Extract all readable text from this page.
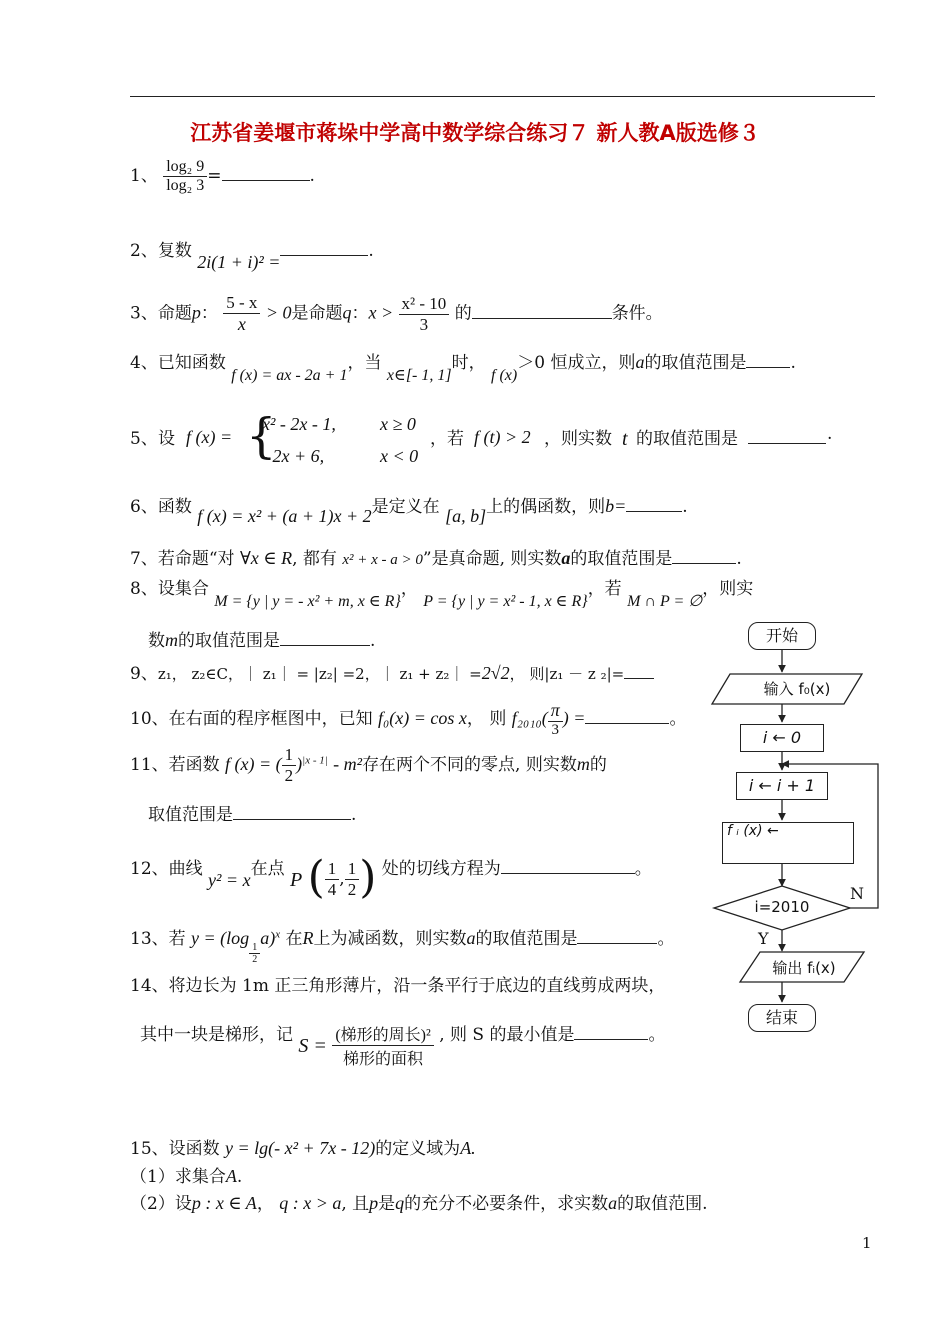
江苏省姜堰市蒋垛中学高中数学综合练习７ 新人教A版选修３
1、 $\frac{\text{log₂ 9}}{\text{log₂ 3}}$ =	.
2、复数 2i(1 + i)² =.
3、命题p： $\frac{5 - x}{x} > 0$是命题q：$x > \frac{\text{x² - 10}}{3}$ 的	条件。
4、已知函数 f (x) = ax - 2a + 1，当 x∈[- 1, 1]时， f (x)＞0 恒成立，则a的取值范围是	.
5、 设 f (x) = {
x² - 2x - 1, x ≥ 0
- 2x + 6,	x < 0
，若 f (t) > 2 ，则实数 t 的取值范围是	.
6、函数 f (x) = x² + (a + 1)x + 2是定义在 [a, b]上的偶函数，则b=	.
7、若命题“对 ∀x ∈ R, 都有 x² + x - a > 0”是真命题, 则实数a的取值范围是	.
8、设集合 M = {y | y = - x² + m, x ∈ R}， P = {y | y = x² - 1, x ∈ R}，若 M ∩ P = ∅，则实
数m的取值范围是	.
9、z₁， z₂∈C，｜ z₁｜ = |z₂| =2，｜ z₁ + z₂｜ =2√2， 则|z₁ － z ₂|=
10、在右面的程序框图中，已知 f₀(x) = cos x， 则 f₂₀₁₀( π
3
) =	。
11、若函数 f (x) = ( $\frac{1}{2} )^{|x - 1|} - m^2$存在两个不同的零点, 则实数m的
取值范围是	.
12、曲线 y² = x在点 P ( $\frac{1}{4}$ , $\frac{1}{2}$ ) 处的切线方程为	。
13、若 y = (log
$\frac{1}{2}$
a)$^x$ 在R上为减函数，则实数a的取值范围是	。
14、将边长为 1m 正三角形薄片，沿一条平行于底边的直线剪成两块，
其中一块是梯形，记 S = (梯形的周长)²
梯形的面积
, 则 S 的最小值是	。
15、设函数 y = lg(- x² + 7x - 12)的定义域为A.
（1）求集合A.
（2）设p : x ∈ A， q : x > a, 且p是q的充分不必要条件，求实数a的取值范围.
开始
输入 f₀(x)
i ← 0
i ← i + 1
f ᵢ (x) ←
i=2010
N
Y
输出 fᵢ(x)
结束
1
